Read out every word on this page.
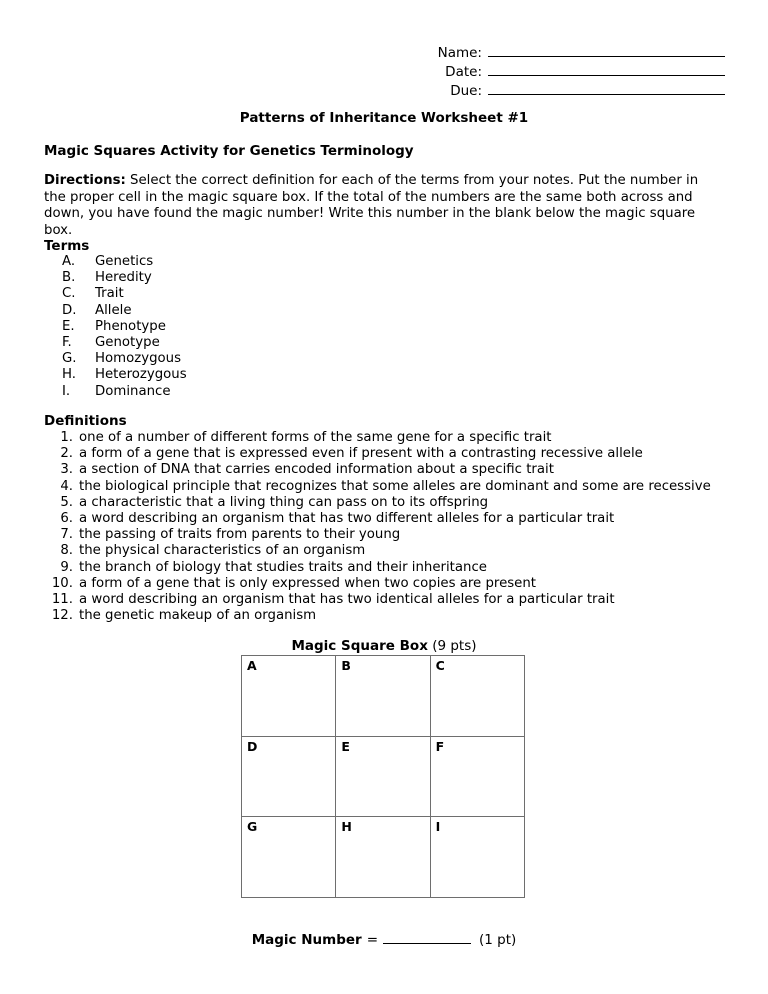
Name:
Date:
Due:
Patterns of Inheritance Worksheet #1
Magic Squares Activity for Genetics Terminology
Directions: Select the correct definition for each of the terms from your notes. Put the number in the proper cell in the magic square box. If the total of the numbers are the same both across and down, you have found the magic number! Write this number in the blank below the magic square box.
Terms
A.	Genetics
B.	Heredity
C.	Trait
D.	Allele
E.	Phenotype
F.	Genotype
G.	Homozygous
H.	Heterozygous
I.	Dominance
Definitions
1. one of a number of different forms of the same gene for a specific trait
2. a form of a gene that is expressed even if present with a contrasting recessive allele
3. a section of DNA that carries encoded information about a specific trait
4. the biological principle that recognizes that some alleles are dominant and some are recessive
5. a characteristic that a living thing can pass on to its offspring
6. a word describing an organism that has two different alleles for a particular trait
7. the passing of traits from parents to their young
8. the physical characteristics of an organism
9. the branch of biology that studies traits and their inheritance
10. a form of a gene that is only expressed when two copies are present
11. a word describing an organism that has two identical alleles for a particular trait
12. the genetic makeup of an organism
Magic Square Box (9 pts)
A	B	C
D	E	F
G	H	I
Magic Number =	(1 pt)
